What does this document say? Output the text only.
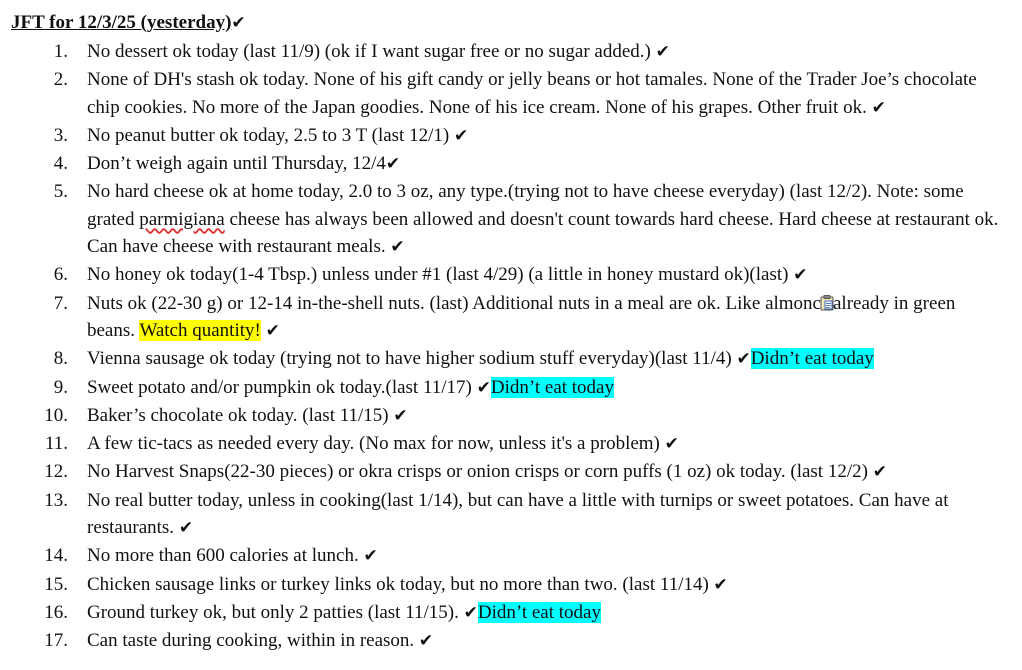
JFT for 12/3/25 (yesterday)✔
1. No dessert ok today (last 11/9) (ok if I want sugar free or no sugar added.) ✔
2. None of DH's stash ok today. None of his gift candy or jelly beans or hot tamales. None of the Trader Joe’s chocolate chip cookies. No more of the Japan goodies. None of his ice cream. None of his grapes. Other fruit ok. ✔
3. No peanut butter ok today, 2.5 to 3 T (last 12/1) ✔
4. Don’t weigh again until Thursday, 12/4✔
5. No hard cheese ok at home today, 2.0 to 3 oz, any type.(trying not to have cheese everyday) (last 12/2). Note: some grated parmigiana cheese has always been allowed and doesn't count towards hard cheese. Hard cheese at restaurant ok. Can have cheese with restaurant meals. ✔
6. No honey ok today(1-4 Tbsp.) unless under #1 (last 4/29) (a little in honey mustard ok)(last) ✔
7. Nuts ok (22-30 g) or 12-14 in-the-shell nuts. (last) Additional nuts in a meal are ok. Like almonc already in green beans. Watch quantity! ✔
8. Vienna sausage ok today (trying not to have higher sodium stuff everyday)(last 11/4) ✔Didn’t eat today
9. Sweet potato and/or pumpkin ok today.(last 11/17) ✔Didn’t eat today
10. Baker’s chocolate ok today. (last 11/15) ✔
11. A few tic-tacs as needed every day. (No max for now, unless it's a problem) ✔
12. No Harvest Snaps(22-30 pieces) or okra crisps or onion crisps or corn puffs (1 oz) ok today. (last 12/2) ✔
13. No real butter today, unless in cooking(last 1/14), but can have a little with turnips or sweet potatoes. Can have at restaurants. ✔
14. No more than 600 calories at lunch. ✔
15. Chicken sausage links or turkey links ok today, but no more than two. (last 11/14) ✔
16. Ground turkey ok, but only 2 patties (last 11/15). ✔Didn’t eat today
17. Can taste during cooking, within in reason. ✔
